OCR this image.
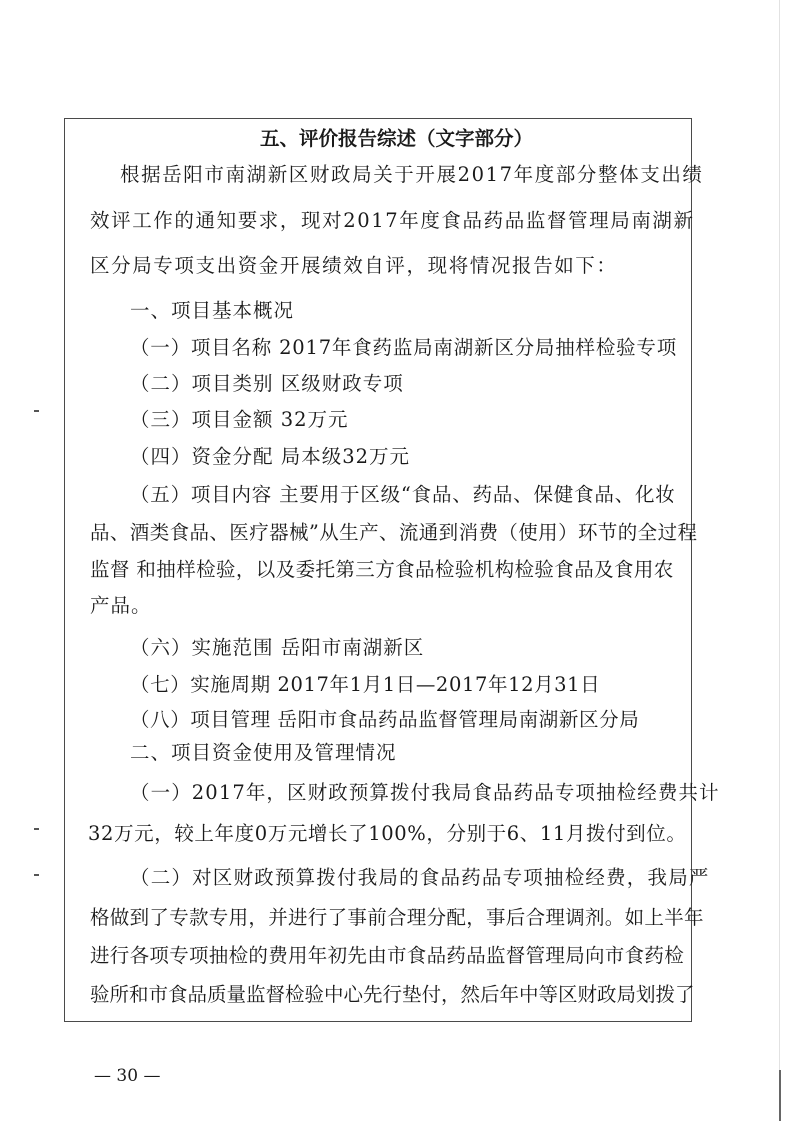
五、评价报告综述（文字部分）
根据岳阳市南湖新区财政局关于开展2017年度部分整体支出绩
效评工作的通知要求，现对2017年度食品药品监督管理局南湖新
区分局专项支出资金开展绩效自评，现将情况报告如下：
一、项目基本概况
（一）项目名称 2017年食药监局南湖新区分局抽样检验专项
（二）项目类别 区级财政专项
（三）项目金额 32万元
（四）资金分配 局本级32万元
（五）项目内容 主要用于区级“食品、药品、保健食品、化妆
品、酒类食品、医疗器械”从生产、流通到消费（使用）环节的全过程
监督 和抽样检验，以及委托第三方食品检验机构检验食品及食用农
产品。
（六）实施范围 岳阳市南湖新区
（七）实施周期 2017年1月1日—2017年12月31日
（八）项目管理 岳阳市食品药品监督管理局南湖新区分局
二、项目资金使用及管理情况
（一）2017年，区财政预算拨付我局食品药品专项抽检经费共计
32万元，较上年度0万元增长了100%，分别于6、11月拨付到位。
（二）对区财政预算拨付我局的食品药品专项抽检经费，我局严
格做到了专款专用，并进行了事前合理分配，事后合理调剂。如上半年
进行各项专项抽检的费用年初先由市食品药品监督管理局向市食药检
验所和市食品质量监督检验中心先行垫付，然后年中等区财政局划拨了
— 30 —
